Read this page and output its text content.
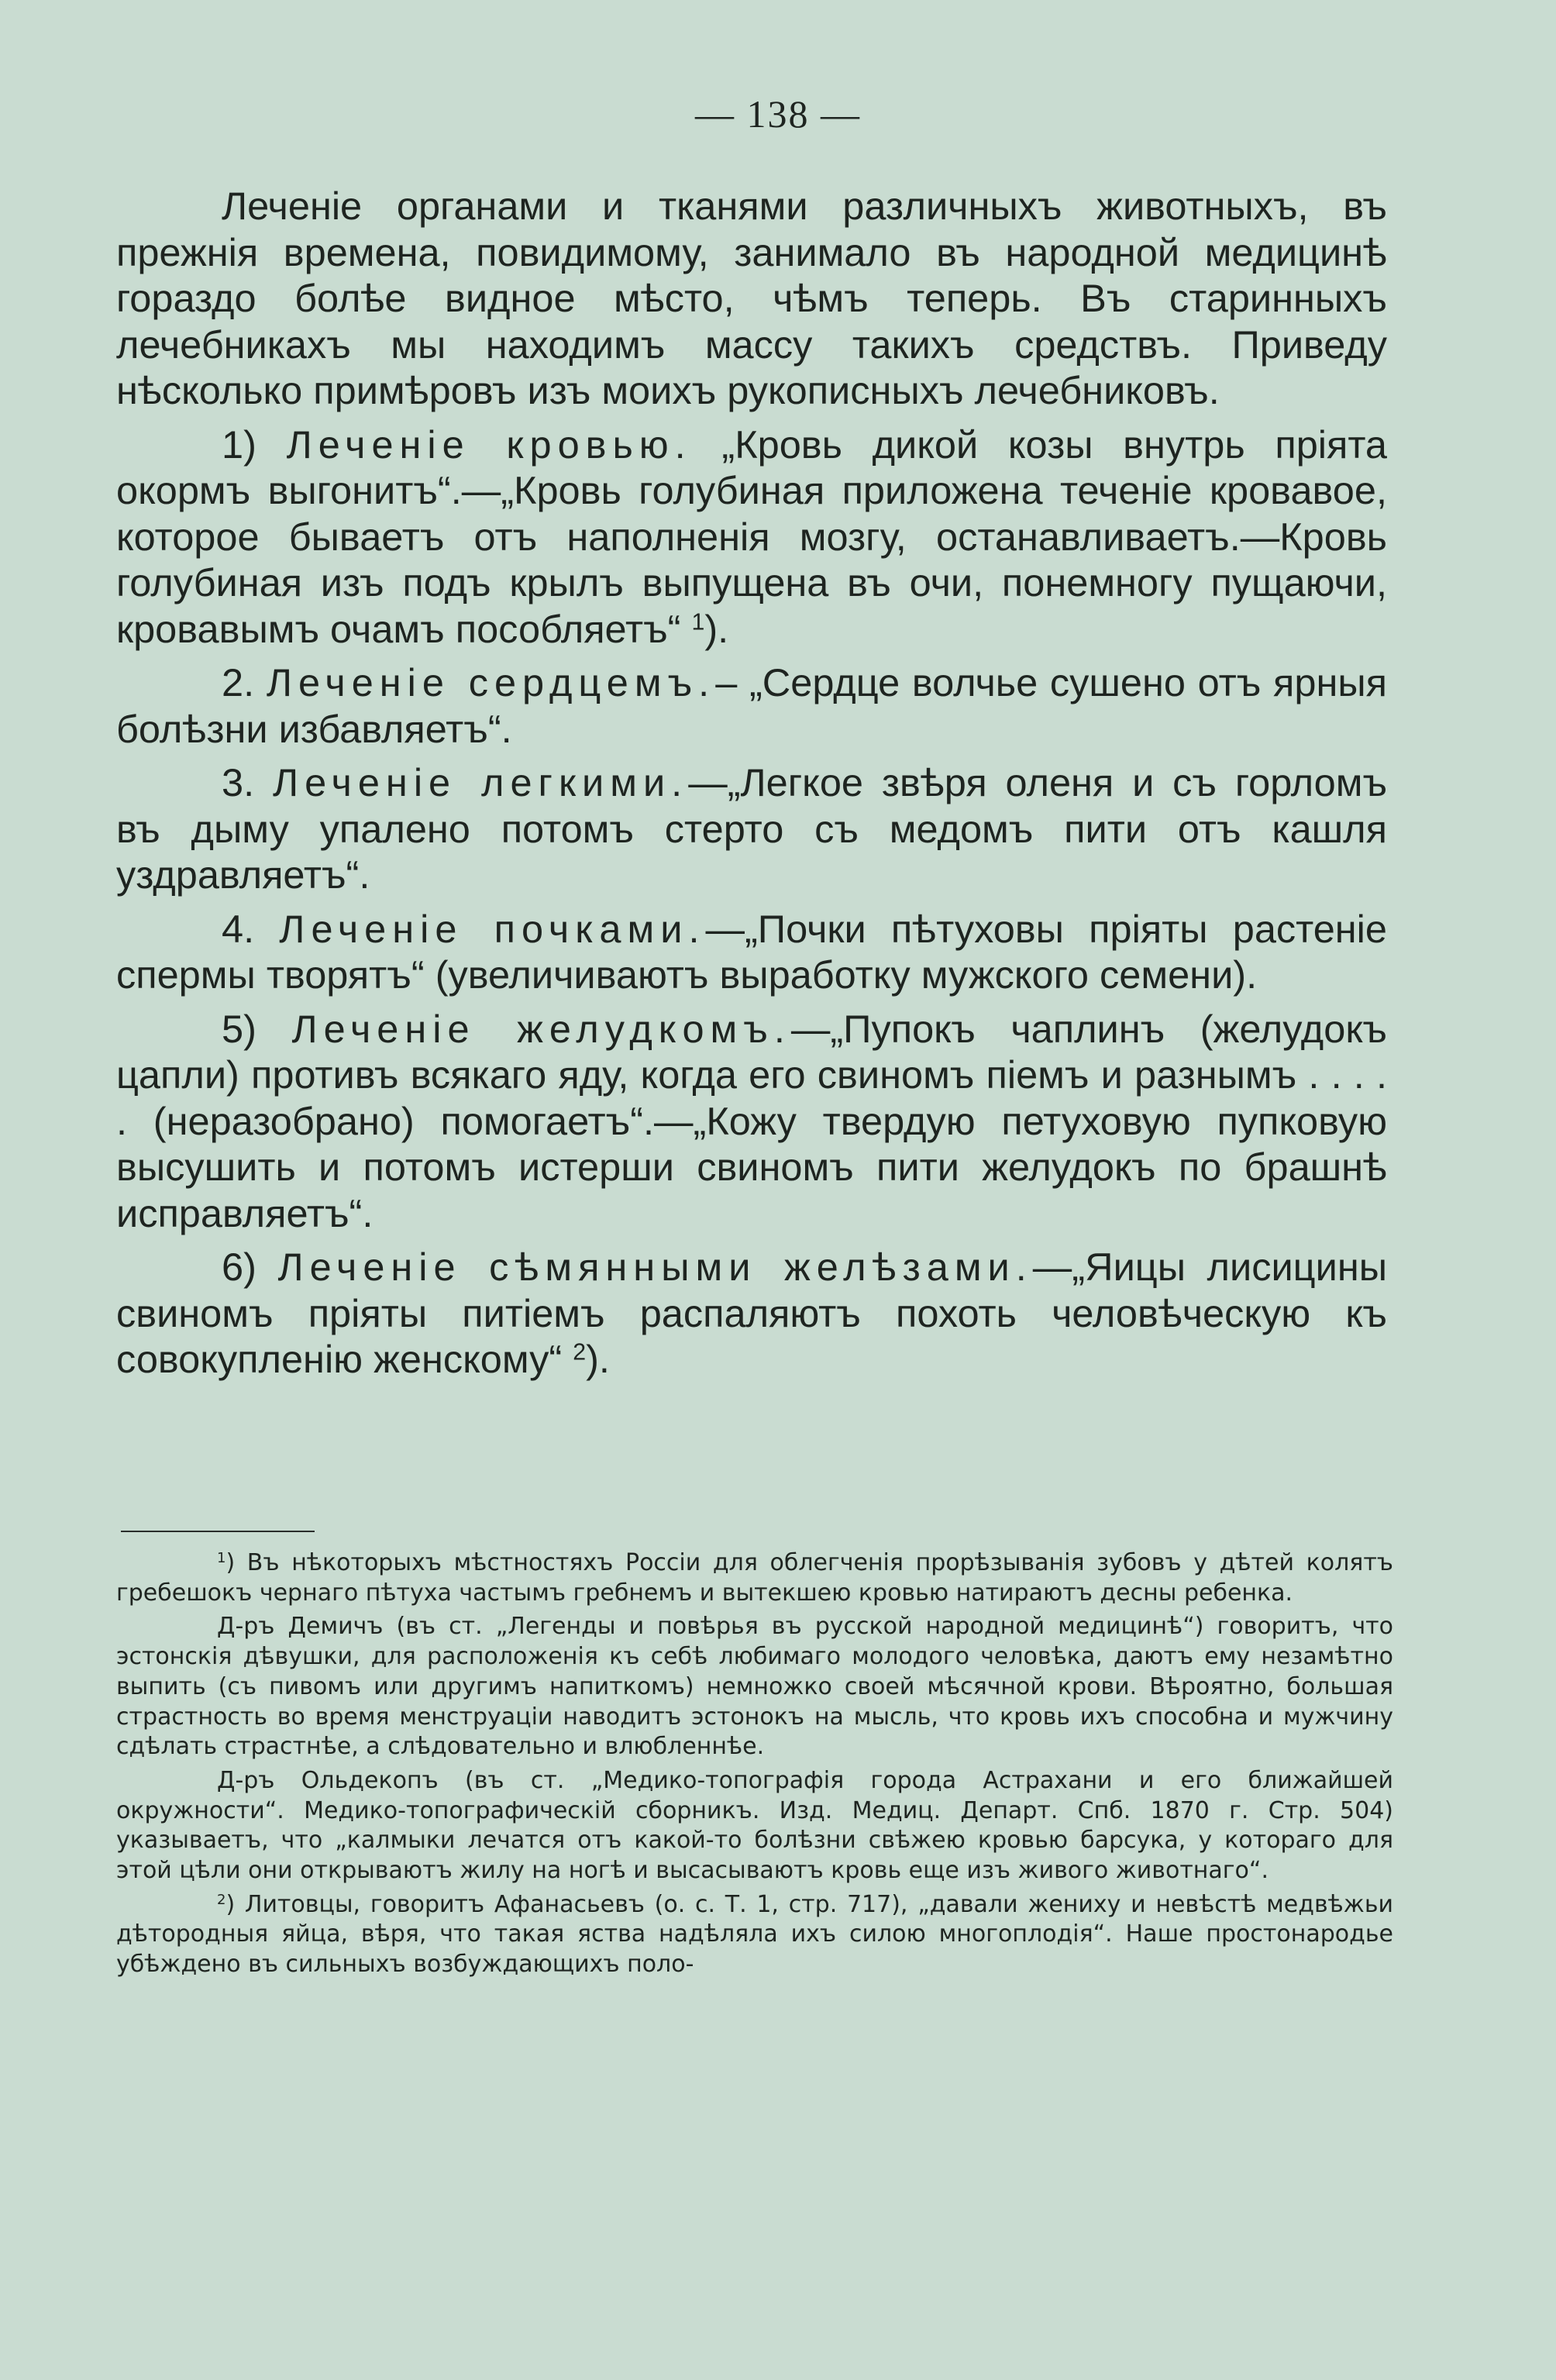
— 138 —

Леченіе органами и тканями различныхъ животныхъ, въ прежнія времена, повидимому, занимало въ народной медицинѣ гораздо болѣе видное мѣсто, чѣмъ теперь. Въ старинныхъ лечебникахъ мы находимъ массу такихъ средствъ. Приведу нѣсколько примѣровъ изъ моихъ рукописныхъ лечебниковъ.

1) Леченіе кровью. „Кровь дикой козы внутрь пріята окормъ выгонитъ“.—„Кровь голубиная приложена теченіе кровавое, которое бываетъ отъ наполненія мозгу, останавливаетъ.—Кровь голубиная изъ подъ крылъ выпущена въ очи, понемногу пущаючи, кровавымъ очамъ пособляетъ“ $^1$).

2. Леченіе сердцемъ.– „Сердце волчье сушено отъ ярныя болѣзни избавляетъ“.

3. Леченіе легкими.—„Легкое звѣря оленя и съ горломъ въ дыму упалено потомъ стерто съ медомъ пити отъ кашля уздравляетъ“.

4. Леченіе почками.—„Почки пѣтуховы пріяты растеніе спермы творятъ“ (увеличиваютъ выработку мужского семени).

5) Леченіе желудкомъ.—„Пупокъ чаплинъ (желудокъ цапли) противъ всякаго яду, когда его свиномъ піемъ и разнымъ . . . . . (неразобрано) помогаетъ“.—„Кожу твердую петуховую пупковую высушить и потомъ истерши свиномъ пити желудокъ по брашнѣ исправляетъ“.

6) Леченіе сѣмянными желѣзами.—„Яицы лисицины свиномъ пріяты питіемъ распаляютъ похоть человѣческую къ совокупленію женскому“ $^2$).

$^1$) Въ нѣкоторыхъ мѣстностяхъ Россіи для облегченія прорѣзыванія зубовъ у дѣтей колятъ гребешокъ чернаго пѣтуха частымъ гребнемъ и вытекшею кровью натираютъ десны ребенка.

Д-ръ Демичъ (въ ст. „Легенды и повѣрья въ русской народной медицинѣ“) говоритъ, что эстонскія дѣвушки, для расположенія къ себѣ любимаго молодого человѣка, даютъ ему незамѣтно выпить (съ пивомъ или другимъ напиткомъ) немножко своей мѣсячной крови. Вѣроятно, большая страстность во время менструаціи наводитъ эстонокъ на мысль, что кровь ихъ способна и мужчину сдѣлать страстнѣе, а слѣдовательно и влюбленнѣе.

Д-ръ Ольдекопъ (въ ст. „Медико-топографія города Астрахани и его ближайшей окружности“. Медико-топографическій сборникъ. Изд. Медиц. Департ. Спб. 1870 г. Стр. 504) указываетъ, что „калмыки лечатся отъ какой-то болѣзни свѣжею кровью барсука, у котораго для этой цѣли они открываютъ жилу на ногѣ и высасываютъ кровь еще изъ живого животнаго“.

$^2$) Литовцы, говоритъ Афанасьевъ (о. с. Т. 1, стр. 717), „давали жениху и невѣстѣ медвѣжьи дѣтородныя яйца, вѣря, что такая яства надѣляла ихъ силою многоплодія“. Наше простонародье убѣждено въ сильныхъ возбуждающихъ поло-
